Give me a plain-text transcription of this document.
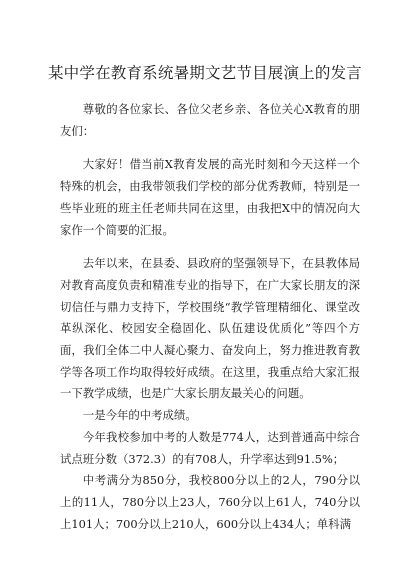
某中学在教育系统暑期文艺节目展演上的发言

尊敬的各位家长、各位父老乡亲、各位关心X教育的朋友们：

大家好！借当前X教育发展的高光时刻和今天这样一个特殊的机会，由我带领我们学校的部分优秀教师，特别是一些毕业班的班主任老师共同在这里，由我把X中的情况向大家作一个简要的汇报。

去年以来，在县委、县政府的坚强领导下，在县教体局对教育高度负责和精准专业的指导下，在广大家长朋友的深切信任与鼎力支持下，学校围绕“教学管理精细化、课堂改革纵深化、校园安全稳固化、队伍建设优质化”等四个方面，我们全体二中人凝心聚力、奋发向上，努力推进教育教学等各项工作均取得较好成绩。在这里，我重点给大家汇报一下教学成绩，也是广大家长朋友最关心的问题。

一是今年的中考成绩。

今年我校参加中考的人数是774人，达到普通高中综合试点班分数（372.3）的有708人，升学率达到91.5%；

中考满分为850分，我校800分以上的2人，790分以上的11人，780分以上23人，760分以上61人，740分以上101人；700分以上210人，600分以上434人；单科满
